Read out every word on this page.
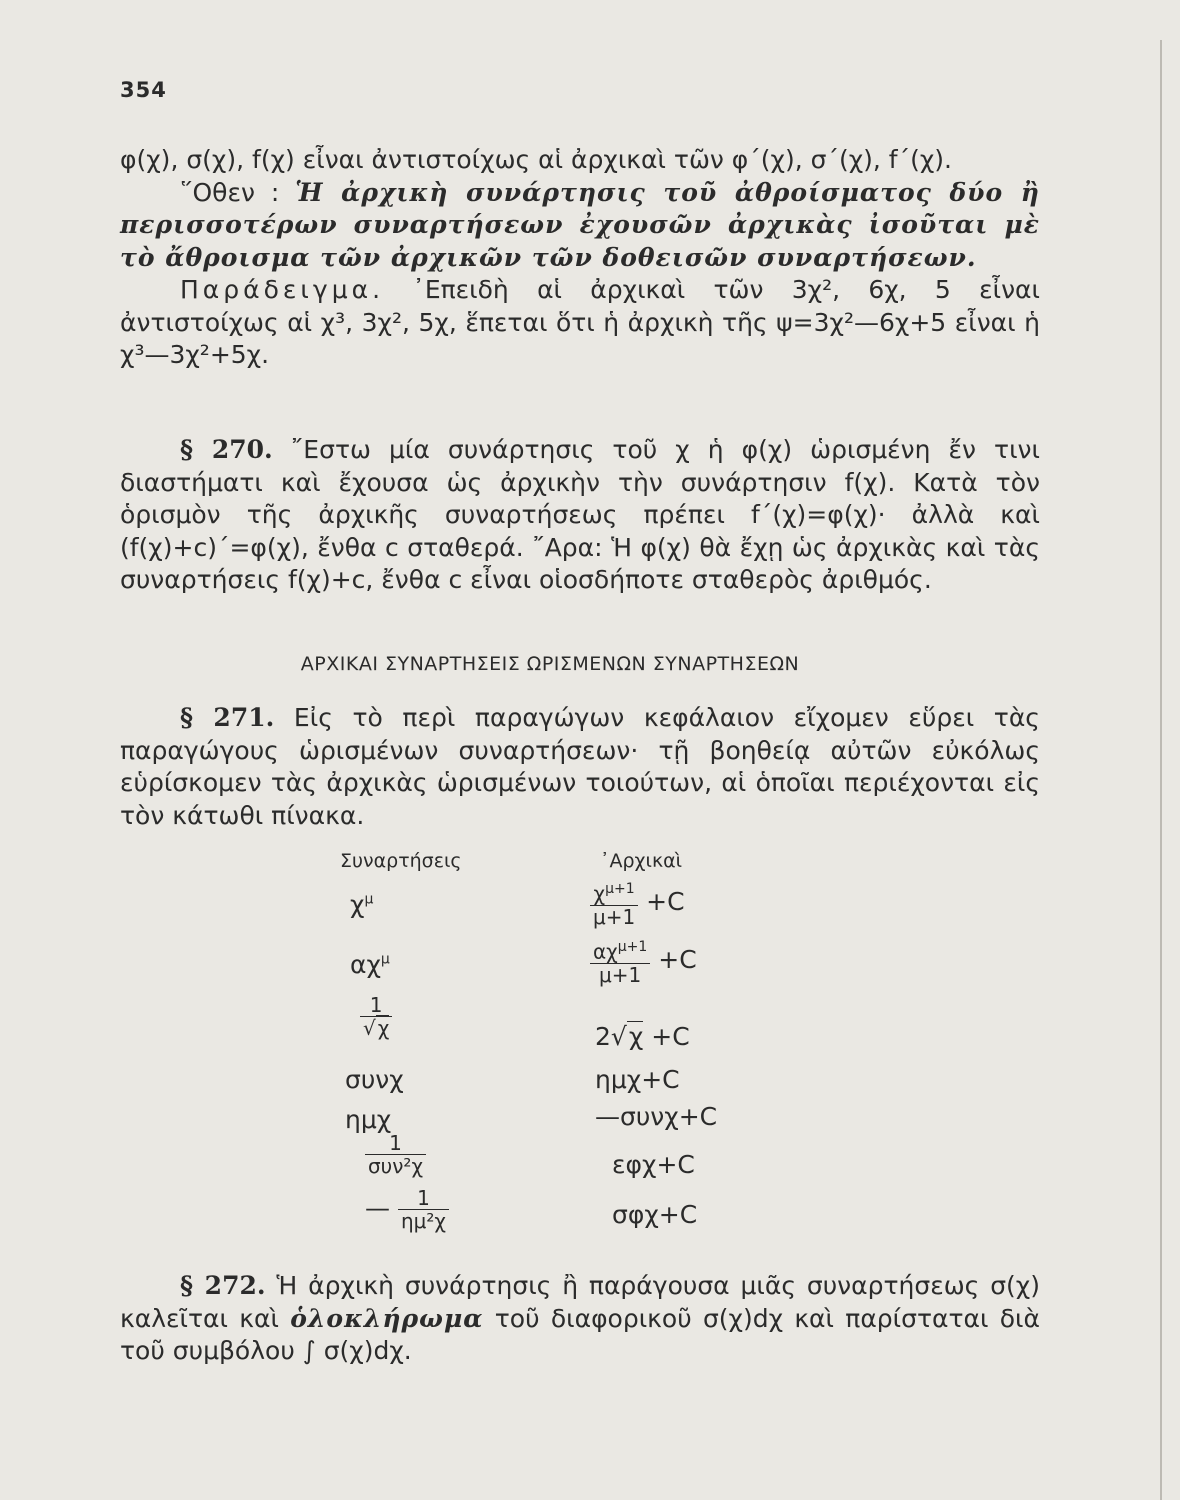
354
φ(χ), σ(χ), f(χ) εἶναι ἀντιστοίχως αἱ ἀρχικαὶ τῶν φ΄(χ), σ΄(χ), f΄(χ).
῞Οθεν : Ἡ ἀρχικὴ συνάρτησις τοῦ ἀθροίσματος δύο ἢ περισσοτέρων συναρτήσεων ἐχουσῶν ἀρχικὰς ἰσοῦται μὲ τὸ ἄθροισμα τῶν ἀρχικῶν τῶν δοθεισῶν συναρτήσεων.
Παράδειγμα. ᾿Επειδὴ αἱ ἀρχικαὶ τῶν 3χ², 6χ, 5 εἶναι ἀντιστοίχως αἱ χ³, 3χ², 5χ, ἕπεται ὅτι ἡ ἀρχικὴ τῆς ψ=3χ²—6χ+5 εἶναι ἡ χ³—3χ²+5χ.
§ 270. ῎Εστω μία συνάρτησις τοῦ χ ἡ φ(χ) ὡρισμένη ἔν τινι διαστήματι καὶ ἔχουσα ὡς ἀρχικὴν τὴν συνάρτησιν f(χ). Κατὰ τὸν ὁρισμὸν τῆς ἀρχικῆς συναρτήσεως πρέπει f΄(χ)=φ(χ)· ἀλλὰ καὶ (f(χ)+c)΄=φ(χ), ἔνθα c σταθερά. ῎Αρα: Ἡ φ(χ) θὰ ἔχῃ ὡς ἀρχικὰς καὶ τὰς συναρτήσεις f(χ)+c, ἔνθα c εἶναι οἱοσδήποτε σταθερὸς ἀριθμός.
ΑΡΧΙΚΑΙ ΣΥΝΑΡΤΗΣΕΙΣ ΩΡΙΣΜΕΝΩΝ ΣΥΝΑΡΤΗΣΕΩΝ
§ 271. Εἰς τὸ περὶ παραγώγων κεφάλαιον εἴχομεν εὕρει τὰς παραγώγους ὡρισμένων συναρτήσεων· τῇ βοηθείᾳ αὐτῶν εὐκόλως εὑρίσκομεν τὰς ἀρχικὰς ὡρισμένων τοιούτων, αἱ ὁποῖαι περιέχονται εἰς τὸν κάτωθι πίνακα.
Συναρτήσεις	᾿Αρχικαὶ
$\chi^\mu$	$\frac{\chi^{\mu+1}}{\mu+1} +C$
$\alpha\chi^\mu$	$\frac{\alpha\chi^{\mu+1}}{\mu+1} +C$
$\frac{1}{√ \chi}$	2√χ +C
συνχ	ημχ+C
ημχ	—συνχ+C
$\frac{1}{\text{συν²χ}}$	εφχ+C
— $\frac{1}{\text{ημ²χ}}$	σφχ+C
§ 272. Ἡ ἀρχικὴ συνάρτησις ἢ παράγουσα μιᾶς συναρτήσεως σ(χ) καλεῖται καὶ ὁλοκλήρωμα τοῦ διαφορικοῦ σ(χ)dχ καὶ παρίσταται διὰ τοῦ συμβόλου ∫ σ(χ)dχ.
